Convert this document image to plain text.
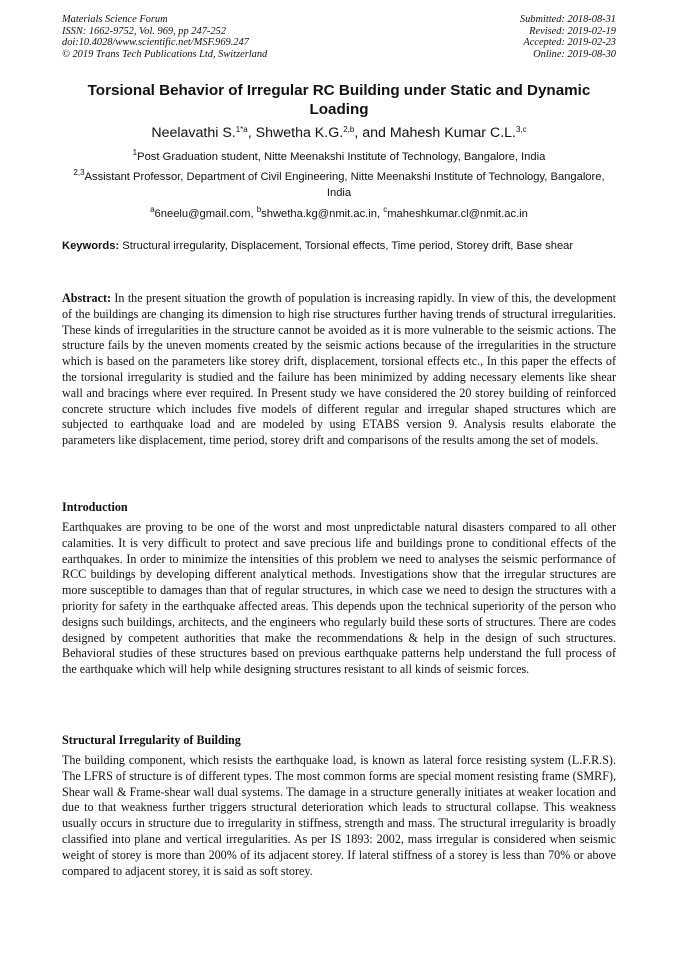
Materials Science Forum
ISSN: 1662-9752, Vol. 969, pp 247-252
doi:10.4028/www.scientific.net/MSF.969.247
© 2019 Trans Tech Publications Ltd, Switzerland
Submitted: 2018-08-31
Revised: 2019-02-19
Accepted: 2019-02-23
Online: 2019-08-30
Torsional Behavior of Irregular RC Building under Static and Dynamic Loading
Neelavathi S.$^{1*a}$, Shwetha K.G.$^{2,b}$, and Mahesh Kumar C.L.$^{3,c}$
$^1$Post Graduation student, Nitte Meenakshi Institute of Technology, Bangalore, India
$^{2,3}$Assistant Professor, Department of Civil Engineering, Nitte Meenakshi Institute of Technology, Bangalore, India
$^a$6neelu@gmail.com, $^b$shwetha.kg@nmit.ac.in, $^c$maheshkumar.cl@nmit.ac.in
Keywords: Structural irregularity, Displacement, Torsional effects, Time period, Storey drift, Base shear
Abstract: In the present situation the growth of population is increasing rapidly. In view of this, the development of the buildings are changing its dimension to high rise structures further having trends of structural irregularities. These kinds of irregularities in the structure cannot be avoided as it is more vulnerable to the seismic actions. The structure fails by the uneven moments created by the seismic actions because of the irregularities in the structure which is based on the parameters like storey drift, displacement, torsional effects etc., In this paper the effects of the torsional irregularity is studied and the failure has been minimized by adding necessary elements like shear wall and bracings where ever required. In Present study we have considered the 20 storey building of reinforced concrete structure which includes five models of different regular and irregular shaped structures which are subjected to earthquake load and are modeled by using ETABS version 9. Analysis results elaborate the parameters like displacement, time period, storey drift and comparisons of the results among the set of models.
Introduction
Earthquakes are proving to be one of the worst and most unpredictable natural disasters compared to all other calamities. It is very difficult to protect and save precious life and buildings prone to conditional effects of the earthquakes. In order to minimize the intensities of this problem we need to analyses the seismic performance of RCC buildings by developing different analytical methods. Investigations show that the irregular structures are more susceptible to damages than that of regular structures, in which case we need to design the structures with a priority for safety in the earthquake affected areas. This depends upon the technical superiority of the person who designs such buildings, architects, and the engineers who regularly build these sorts of structures. There are codes designed by competent authorities that make the recommendations & help in the design of such structures. Behavioral studies of these structures based on previous earthquake patterns help understand the full process of the earthquake which will help while designing structures resistant to all kinds of seismic forces.
Structural Irregularity of Building
The building component, which resists the earthquake load, is known as lateral force resisting system (L.F.R.S). The LFRS of structure is of different types. The most common forms are special moment resisting frame (SMRF), Shear wall & Frame-shear wall dual systems. The damage in a structure generally initiates at weaker location and due to that weakness further triggers structural deterioration which leads to structural collapse. This weakness usually occurs in structure due to irregularity in stiffness, strength and mass. The structural irregularity is broadly classified into plane and vertical irregularities. As per IS 1893: 2002, mass irregular is considered when seismic weight of storey is more than 200% of its adjacent storey. If lateral stiffness of a storey is less than 70% or above compared to adjacent storey, it is said as soft storey.
